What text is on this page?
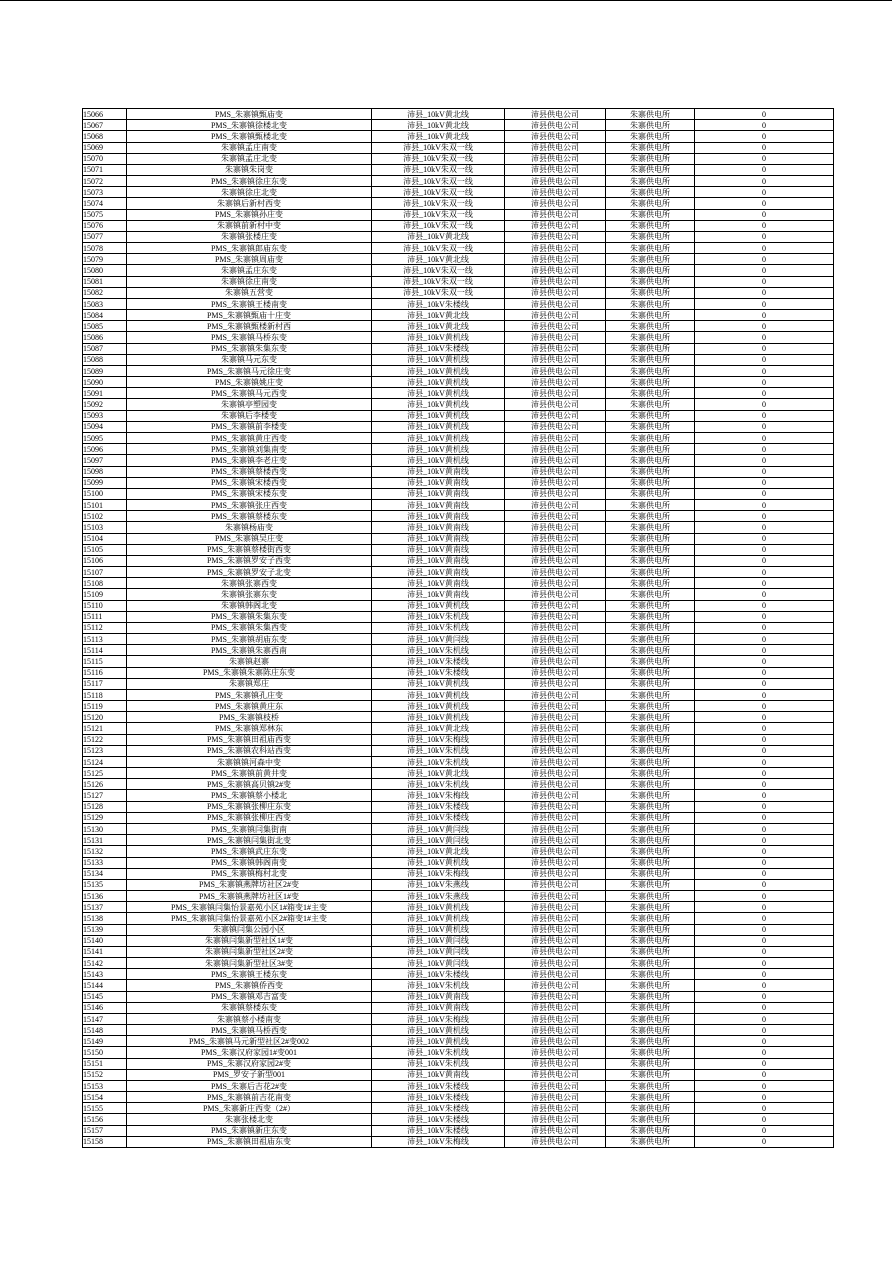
15066	PMS_朱寨镇甄庙变	沛县_10kV黄北线	沛县供电公司	朱寨供电所	0
15067	PMS_朱寨镇徐楼北变	沛县_10kV黄北线	沛县供电公司	朱寨供电所	0
15068	PMS_朱寨镇甄楼北变	沛县_10kV黄北线	沛县供电公司	朱寨供电所	0
15069	朱寨镇孟庄南变	沛县_10kV朱双一线	沛县供电公司	朱寨供电所	0
15070	朱寨镇孟庄北变	沛县_10kV朱双一线	沛县供电公司	朱寨供电所	0
15071	朱寨镇朱岗变	沛县_10kV朱双一线	沛县供电公司	朱寨供电所	0
15072	PMS_朱寨镇徐庄东变	沛县_10kV朱双一线	沛县供电公司	朱寨供电所	0
15073	朱寨镇徐庄北变	沛县_10kV朱双一线	沛县供电公司	朱寨供电所	0
15074	朱寨镇后新村西变	沛县_10kV朱双一线	沛县供电公司	朱寨供电所	0
15075	PMS_朱寨镇孙庄变	沛县_10kV朱双一线	沛县供电公司	朱寨供电所	0
15076	朱寨镇前新村中变	沛县_10kV朱双一线	沛县供电公司	朱寨供电所	0
15077	朱寨镇张楼庄变	沛县_10kV黄北线	沛县供电公司	朱寨供电所	0
15078	PMS_朱寨镇郎庙东变	沛县_10kV朱双一线	沛县供电公司	朱寨供电所	0
15079	PMS_朱寨镇周庙变	沛县_10kV黄北线	沛县供电公司	朱寨供电所	0
15080	朱寨镇孟庄东变	沛县_10kV朱双一线	沛县供电公司	朱寨供电所	0
15081	朱寨镇徐庄南变	沛县_10kV朱双一线	沛县供电公司	朱寨供电所	0
15082	朱寨镇五营变	沛县_10kV朱双一线	沛县供电公司	朱寨供电所	0
15083	PMS_朱寨镇王楼南变	沛县_10kV朱楼线	沛县供电公司	朱寨供电所	0
15084	PMS_朱寨镇甄庙十庄变	沛县_10kV黄北线	沛县供电公司	朱寨供电所	0
15085	PMS_朱寨镇甄楼新村西	沛县_10kV黄北线	沛县供电公司	朱寨供电所	0
15086	PMS_朱寨镇马桥东变	沛县_10kV黄机线	沛县供电公司	朱寨供电所	0
15087	PMS_朱寨镇朱集东变	沛县_10kV朱楼线	沛县供电公司	朱寨供电所	0
15088	朱寨镇马元东变	沛县_10kV黄机线	沛县供电公司	朱寨供电所	0
15089	PMS_朱寨镇马元徐庄变	沛县_10kV黄机线	沛县供电公司	朱寨供电所	0
15090	PMS_朱寨镇姚庄变	沛县_10kV黄机线	沛县供电公司	朱寨供电所	0
15091	PMS_朱寨镇马元西变	沛县_10kV黄机线	沛县供电公司	朱寨供电所	0
15092	朱寨镇亭塑园变	沛县_10kV黄机线	沛县供电公司	朱寨供电所	0
15093	朱寨镇后李楼变	沛县_10kV黄机线	沛县供电公司	朱寨供电所	0
15094	PMS_朱寨镇前李楼变	沛县_10kV黄机线	沛县供电公司	朱寨供电所	0
15095	PMS_朱寨镇黄庄西变	沛县_10kV黄机线	沛县供电公司	朱寨供电所	0
15096	PMS_朱寨镇刘集南变	沛县_10kV黄机线	沛县供电公司	朱寨供电所	0
15097	PMS_朱寨镇李老庄变	沛县_10kV黄机线	沛县供电公司	朱寨供电所	0
15098	PMS_朱寨镇蔡楼西变	沛县_10kV黄南线	沛县供电公司	朱寨供电所	0
15099	PMS_朱寨镇宋楼西变	沛县_10kV黄南线	沛县供电公司	朱寨供电所	0
15100	PMS_朱寨镇宋楼东变	沛县_10kV黄南线	沛县供电公司	朱寨供电所	0
15101	PMS_朱寨镇张庄西变	沛县_10kV黄南线	沛县供电公司	朱寨供电所	0
15102	PMS_朱寨镇蔡楼东变	沛县_10kV黄南线	沛县供电公司	朱寨供电所	0
15103	朱寨镇杨庙变	沛县_10kV黄南线	沛县供电公司	朱寨供电所	0
15104	PMS_朱寨镇吴庄变	沛县_10kV黄南线	沛县供电公司	朱寨供电所	0
15105	PMS_朱寨镇蔡楼街西变	沛县_10kV黄南线	沛县供电公司	朱寨供电所	0
15106	PMS_朱寨镇罗安子西变	沛县_10kV黄南线	沛县供电公司	朱寨供电所	0
15107	PMS_朱寨镇罗安子北变	沛县_10kV黄南线	沛县供电公司	朱寨供电所	0
15108	朱寨镇张寨西变	沛县_10kV黄南线	沛县供电公司	朱寨供电所	0
15109	朱寨镇张寨东变	沛县_10kV黄南线	沛县供电公司	朱寨供电所	0
15110	朱寨镇韩阁北变	沛县_10kV黄机线	沛县供电公司	朱寨供电所	0
15111	PMS_朱寨镇朱集东变	沛县_10kV朱机线	沛县供电公司	朱寨供电所	0
15112	PMS_朱寨镇朱集西变	沛县_10kV朱机线	沛县供电公司	朱寨供电所	0
15113	PMS_朱寨镇胡庙东变	沛县_10kV黄闫线	沛县供电公司	朱寨供电所	0
15114	PMS_朱寨镇朱寨西南	沛县_10kV朱机线	沛县供电公司	朱寨供电所	0
15115	朱寨镇赵寨	沛县_10kV朱楼线	沛县供电公司	朱寨供电所	0
15116	PMS_朱寨镇朱寨陈庄东变	沛县_10kV朱楼线	沛县供电公司	朱寨供电所	0
15117	朱寨镇郑庄	沛县_10kV黄机线	沛县供电公司	朱寨供电所	0
15118	PMS_朱寨镇孔庄变	沛县_10kV黄机线	沛县供电公司	朱寨供电所	0
15119	PMS_朱寨镇黄庄东	沛县_10kV黄机线	沛县供电公司	朱寨供电所	0
15120	PMS_朱寨镇枝桥	沛县_10kV黄机线	沛县供电公司	朱寨供电所	0
15121	PMS_朱寨镇郑林东	沛县_10kV黄北线	沛县供电公司	朱寨供电所	0
15122	PMS_朱寨镇田祖庙西变	沛县_10kV朱梅线	沛县供电公司	朱寨供电所	0
15123	PMS_朱寨镇农科站西变	沛县_10kV朱机线	沛县供电公司	朱寨供电所	0
15124	朱寨镇镇河森中变	沛县_10kV朱机线	沛县供电公司	朱寨供电所	0
15125	PMS_朱寨镇前黄井变	沛县_10kV黄北线	沛县供电公司	朱寨供电所	0
15126	PMS_朱寨镇高贝镇2#变	沛县_10kV朱机线	沛县供电公司	朱寨供电所	0
15127	PMS_朱寨镇蔡小楼北	沛县_10kV朱梅线	沛县供电公司	朱寨供电所	0
15128	PMS_朱寨镇张柳庄东变	沛县_10kV朱楼线	沛县供电公司	朱寨供电所	0
15129	PMS_朱寨镇张柳庄西变	沛县_10kV朱楼线	沛县供电公司	朱寨供电所	0
15130	PMS_朱寨镇闫集街南	沛县_10kV黄闫线	沛县供电公司	朱寨供电所	0
15131	PMS_朱寨镇闫集街北变	沛县_10kV黄闫线	沛县供电公司	朱寨供电所	0
15132	PMS_朱寨镇武庄东变	沛县_10kV黄北线	沛县供电公司	朱寨供电所	0
15133	PMS_朱寨镇韩阁南变	沛县_10kV黄机线	沛县供电公司	朱寨供电所	0
15134	PMS_朱寨镇梅村北变	沛县_10kV朱梅线	沛县供电公司	朱寨供电所	0
15135	PMS_朱寨镇燕牌坊社区2#变	沛县_10kV朱燕线	沛县供电公司	朱寨供电所	0
15136	PMS_朱寨镇燕牌坊社区1#变	沛县_10kV朱燕线	沛县供电公司	朱寨供电所	0
15137	PMS_朱寨镇闫集怡景嘉苑小区1#箱变1#主变	沛县_10kV黄机线	沛县供电公司	朱寨供电所	0
15138	PMS_朱寨镇闫集怡景嘉苑小区2#箱变1#主变	沛县_10kV黄机线	沛县供电公司	朱寨供电所	0
15139	朱寨镇闫集公园小区	沛县_10kV黄机线	沛县供电公司	朱寨供电所	0
15140	朱寨镇闫集新型社区1#变	沛县_10kV黄闫线	沛县供电公司	朱寨供电所	0
15141	朱寨镇闫集新型社区2#变	沛县_10kV黄闫线	沛县供电公司	朱寨供电所	0
15142	朱寨镇闫集新型社区3#变	沛县_10kV黄闫线	沛县供电公司	朱寨供电所	0
15143	PMS_朱寨镇王楼东变	沛县_10kV朱楼线	沛县供电公司	朱寨供电所	0
15144	PMS_朱寨镇侨西变	沛县_10kV朱机线	沛县供电公司	朱寨供电所	0
15145	PMS_朱寨镇邓吉富变	沛县_10kV黄南线	沛县供电公司	朱寨供电所	0
15146	朱寨镇蔡楼东变	沛县_10kV黄南线	沛县供电公司	朱寨供电所	0
15147	朱寨镇蔡小楼南变	沛县_10kV朱梅线	沛县供电公司	朱寨供电所	0
15148	PMS_朱寨镇马桥西变	沛县_10kV黄机线	沛县供电公司	朱寨供电所	0
15149	PMS_朱寨镇马元新型社区2#变002	沛县_10kV黄机线	沛县供电公司	朱寨供电所	0
15150	PMS_朱寨汉府家园1#变001	沛县_10kV朱机线	沛县供电公司	朱寨供电所	0
15151	PMS_朱寨汉府家园2#变	沛县_10kV朱机线	沛县供电公司	朱寨供电所	0
15152	PMS_罗安子新型001	沛县_10kV黄南线	沛县供电公司	朱寨供电所	0
15153	PMS_朱寨后吉花2#变	沛县_10kV朱楼线	沛县供电公司	朱寨供电所	0
15154	PMS_朱寨镇前吉花南变	沛县_10kV朱楼线	沛县供电公司	朱寨供电所	0
15155	PMS_朱寨新庄西变（2#）	沛县_10kV朱楼线	沛县供电公司	朱寨供电所	0
15156	朱寨张楼北变	沛县_10kV朱楼线	沛县供电公司	朱寨供电所	0
15157	PMS_朱寨镇新庄东变	沛县_10kV朱楼线	沛县供电公司	朱寨供电所	0
15158	PMS_朱寨镇田祖庙东变	沛县_10kV朱梅线	沛县供电公司	朱寨供电所	0
